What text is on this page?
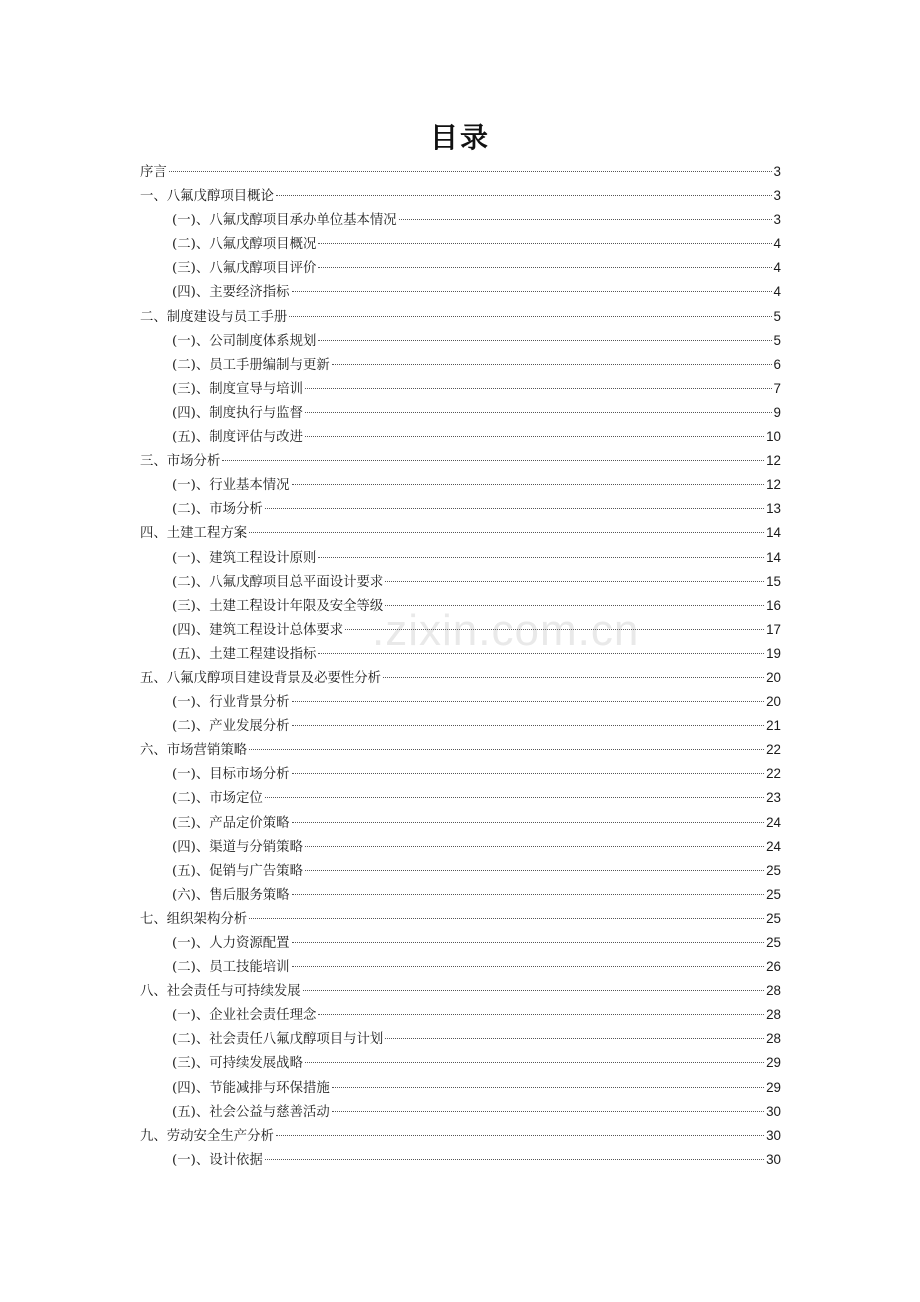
目录
序言	3
一、八氟戊醇项目概论	3
(一)、八氟戊醇项目承办单位基本情况	3
(二)、八氟戊醇项目概况	4
(三)、八氟戊醇项目评价	4
(四)、主要经济指标	4
二、制度建设与员工手册	5
(一)、公司制度体系规划	5
(二)、员工手册编制与更新	6
(三)、制度宣导与培训	7
(四)、制度执行与监督	9
(五)、制度评估与改进	10
三、市场分析	12
(一)、行业基本情况	12
(二)、市场分析	13
四、土建工程方案	14
(一)、建筑工程设计原则	14
(二)、八氟戊醇项目总平面设计要求	15
(三)、土建工程设计年限及安全等级	16
(四)、建筑工程设计总体要求	17
(五)、土建工程建设指标	19
五、八氟戊醇项目建设背景及必要性分析	20
(一)、行业背景分析	20
(二)、产业发展分析	21
六、市场营销策略	22
(一)、目标市场分析	22
(二)、市场定位	23
(三)、产品定价策略	24
(四)、渠道与分销策略	24
(五)、促销与广告策略	25
(六)、售后服务策略	25
七、组织架构分析	25
(一)、人力资源配置	25
(二)、员工技能培训	26
八、社会责任与可持续发展	28
(一)、企业社会责任理念	28
(二)、社会责任八氟戊醇项目与计划	28
(三)、可持续发展战略	29
(四)、节能减排与环保措施	29
(五)、社会公益与慈善活动	30
九、劳动安全生产分析	30
(一)、设计依据	30
.zixin.com.cn
